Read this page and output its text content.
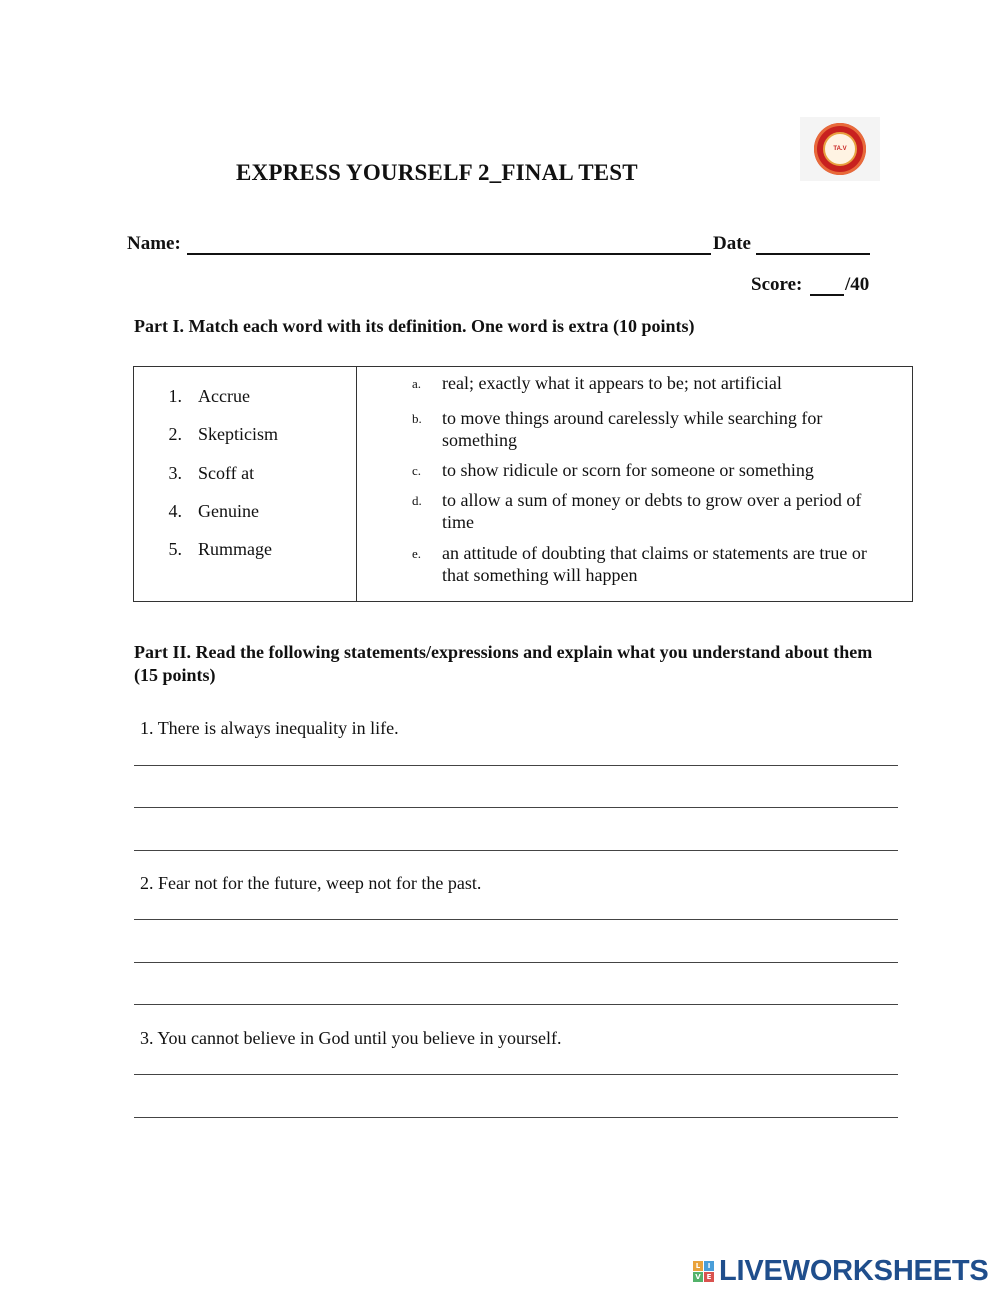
EXPRESS YOURSELF 2_FINAL TEST
TA.V
Name:	Date
Score: /40
Part I. Match each word with its definition. One word is extra (10 points)
1. Accrue
2. Skepticism
3. Scoff at
4. Genuine
5. Rummage
a. real; exactly what it appears to be; not artificial
b. to move things around carelessly while searching for something
c. to show ridicule or scorn for someone or something
d. to allow a sum of money or debts to grow over a period of time
e. an attitude of doubting that claims or statements are true or that something will happen
Part II. Read the following statements/expressions and explain what you understand about them (15 points)
1. There is always inequality in life.
2. Fear not for the future, weep not for the past.
3. You cannot believe in God until you believe in yourself.
L	I
V E LIVEWORKSHEETS
